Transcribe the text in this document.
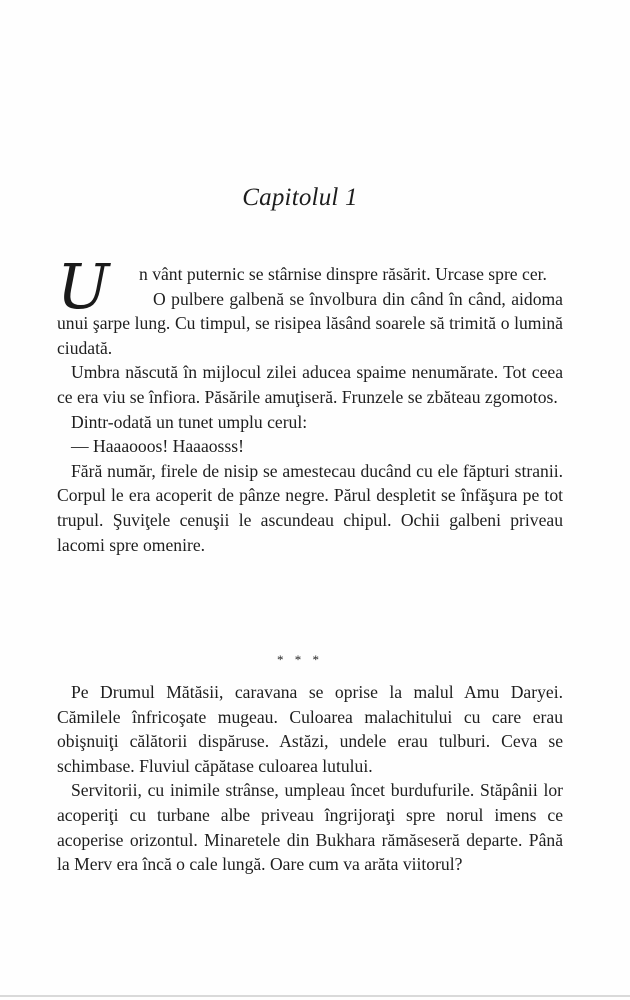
Capitolul 1

U	n vânt puternic se stârnise dinspre răsărit. Urcase spre cer.

O pulbere galbenă se învolbura din când în când, aidoma unui şarpe lung. Cu timpul, se risipea lăsând soarele să trimită o lumină ciudată.

Umbra născută în mijlocul zilei aducea spaime nenumărate. Tot ceea ce era viu se înfiora. Păsările amuţiseră. Frunzele se zbăteau zgomotos.

Dintr-odată un tunet umplu cerul:

— Haaaooos! Haaaosss!

Fără număr, firele de nisip se amestecau ducând cu ele făpturi stranii. Corpul le era acoperit de pânze negre. Părul despletit se înfăşura pe tot trupul. Şuviţele cenuşii le ascundeau chipul. Ochii galbeni priveau lacomi spre omenire.

* * *

Pe Drumul Mătăsii, caravana se oprise la malul Amu Daryei. Cămilele înfricoşate mugeau. Culoarea malachitului cu care erau obişnuiţi călătorii dispăruse. Astăzi, undele erau tulburi. Ceva se schimbase. Fluviul căpătase culoarea lutului.

Servitorii, cu inimile strânse, umpleau încet burdufurile. Stăpânii lor acoperiţi cu turbane albe priveau îngrijoraţi spre norul imens ce acoperise orizontul. Minaretele din Bukhara rămăseseră departe. Până la Merv era încă o cale lungă. Oare cum va arăta viitorul?
